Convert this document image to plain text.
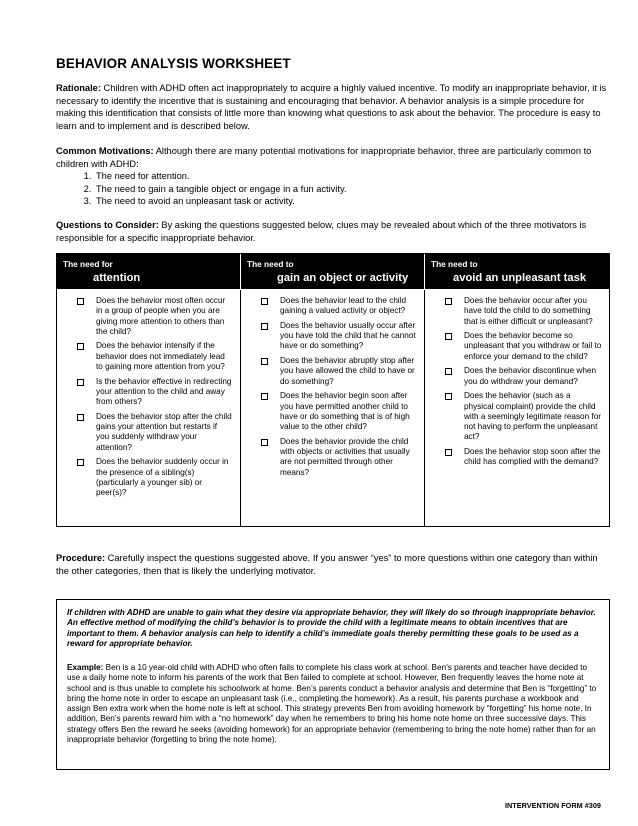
BEHAVIOR ANALYSIS WORKSHEET
Rationale: Children with ADHD often act inappropriately to acquire a highly valued incentive. To modify an inappropriate behavior, it is necessary to identify the incentive that is sustaining and encouraging that behavior. A behavior analysis is a simple procedure for making this identification that consists of little more than knowing what questions to ask about the behavior. The procedure is easy to learn and to implement and is described below.
Common Motivations: Although there are many potential motivations for inappropriate behavior, three are particularly common to children with ADHD:
1. The need for attention.
2. The need to gain a tangible object or engage in a fun activity.
3. The need to avoid an unpleasant task or activity.
Questions to Consider: By asking the questions suggested below, clues may be revealed about which of the three motivators is responsible for a specific inappropriate behavior.
The need for
attention
The need to
gain an object or activity
The need to
avoid an unpleasant task
Does the behavior most often occur in a group of people when you are giving more attention to others than the child?
Does the behavior intensify if the behavior does not immediately lead to gaining more attention from you?
Is the behavior effective in redirecting your attention to the child and away from others?
Does the behavior stop after the child gains your attention but restarts if you suddenly withdraw your attention?
Does the behavior suddenly occur in the presence of a sibling(s) (particularly a younger sib) or peer(s)?
Does the behavior lead to the child gaining a valued activity or object?
Does the behavior usually occur after you have told the child that he cannot have or do something?
Does the behavior abruptly stop after you have allowed the child to have or do something?
Does the behavior begin soon after you have permitted another child to have or do something that is of high value to the other child?
Does the behavior provide the child with objects or activities that usually are not permitted through other means?
Does the behavior occur after you have told the child to do something that is either difficult or unpleasant?
Does the behavior become so unpleasant that you withdraw or fail to enforce your demand to the child?
Does the behavior discontinue when you do withdraw your demand?
Does the behavior (such as a physical complaint) provide the child with a seemingly legitimate reason for not having to perform the unpleasant act?
Does the behavior stop soon after the child has complied with the demand?
Procedure: Carefully inspect the questions suggested above. If you answer “yes” to more questions within one category than within the other categories, then that is likely the underlying motivator.
If children with ADHD are unable to gain what they desire via appropriate behavior, they will likely do so through inappropriate behavior. An effective method of modifying the child’s behavior is to provide the child with a legitimate means to obtain incentives that are important to them. A behavior analysis can help to identify a child’s immediate goals thereby permitting these goals to be used as a reward for appropriate behavior.
Example: Ben is a 10 year-old child with ADHD who often fails to complete his class work at school. Ben’s parents and teacher have decided to use a daily home note to inform his parents of the work that Ben failed to complete at school. However, Ben frequently leaves the home note at school and is thus unable to complete his schoolwork at home. Ben’s parents conduct a behavior analysis and determine that Ben is “forgetting” to bring the home note in order to escape an unpleasant task (i.e., completing the homework). As a result, his parents purchase a workbook and assign Ben extra work when the home note is left at school. This strategy prevents Ben from avoiding homework by “forgetting” his home note. In addition, Ben’s parents reward him with a “no homework” day when he remembers to bring his home note home on three successive days. This strategy offers Ben the reward he seeks (avoiding homework) for an appropriate behavior (remembering to bring the note home) rather than for an inappropriate behavior (forgetting to bring the note home).
INTERVENTION FORM #309
